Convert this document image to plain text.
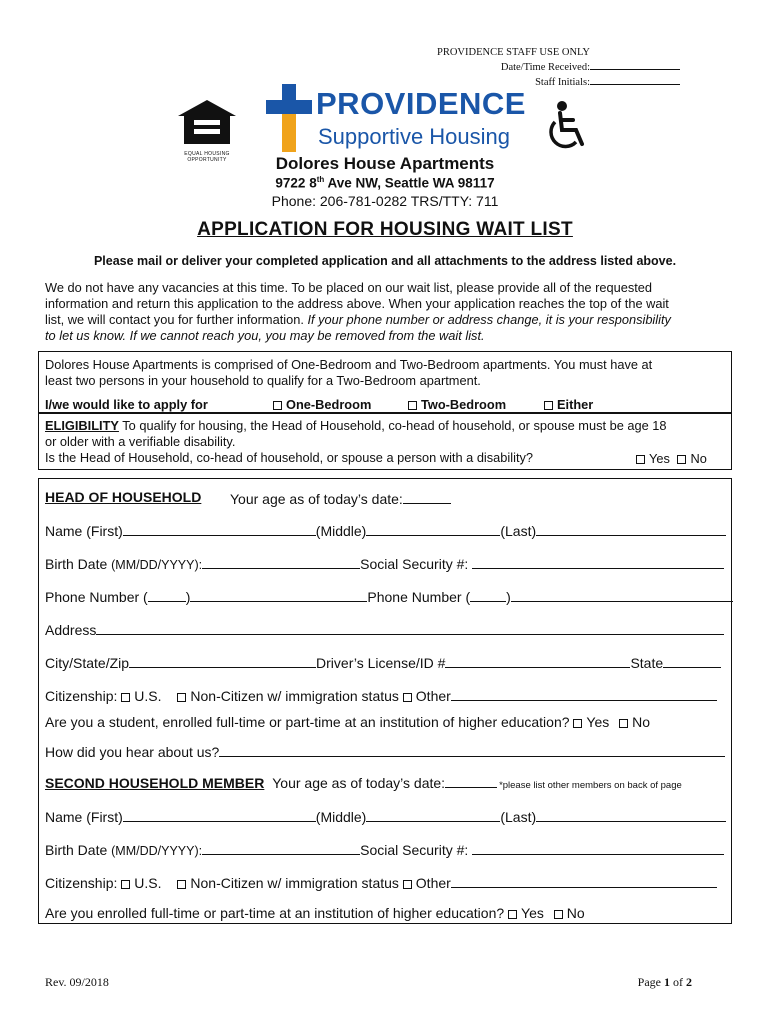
PROVIDENCE STAFF USE ONLY
Date/Time Received:
Staff Initials:
EQUAL HOUSING OPPORTUNITY
PROVIDENCE
Supportive Housing
Dolores House Apartments
9722 8th Ave NW, Seattle WA 98117
Phone: 206-781-0282 TRS/TTY: 711
APPLICATION FOR HOUSING WAIT LIST
Please mail or deliver your completed application and all attachments to the address listed above.
We do not have any vacancies at this time. To be placed on our wait list, please provide all of the requested
information and return this application to the address above. When your application reaches the top of the wait
list, we will contact you for further information. If your phone number or address change, it is your responsibility
to let us know. If we cannot reach you, you may be removed from the wait list.
Dolores House Apartments is comprised of One-Bedroom and Two-Bedroom apartments. You must have at
least two persons in your household to qualify for a Two-Bedroom apartment.
I/we would like to apply for	One-Bedroom	Two-Bedroom	Either
ELIGIBILITY To qualify for housing, the Head of Household, co-head of household, or spouse must be age 18
or older with a verifiable disability.
Is the Head of Household, co-head of household, or spouse a person with a disability?	Yes No
HEAD OF HOUSEHOLD Your age as of today’s date:
Name (First)	(Middle)	(Last)
Birth Date (MM/DD/YYYY):	Social Security #:
Phone Number (	)	Phone Number (	)
Address
City/State/Zip	Driver’s License/ID #	State
Citizenship: U.S. Non-Citizen w/ immigration status Other
Are you a student, enrolled full-time or part-time at an institution of higher education? Yes No
How did you hear about us?
SECOND HOUSEHOLD MEMBER Your age as of today’s date:	*please list other members on back of page
Name (First)	(Middle)	(Last)
Birth Date (MM/DD/YYYY):	Social Security #:
Citizenship: U.S. Non-Citizen w/ immigration status Other
Are you enrolled full-time or part-time at an institution of higher education? Yes No
Rev. 09/2018	Page 1 of 2
